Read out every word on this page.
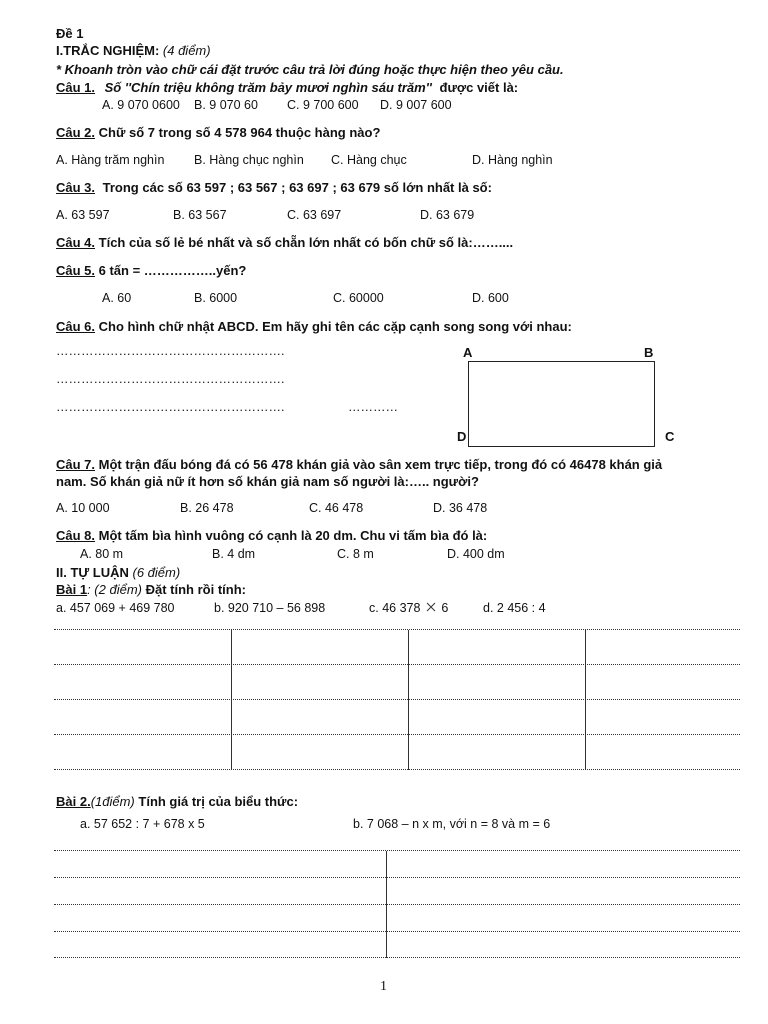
Đề 1
I.TRẮC NGHIỆM: (4 điểm)
* Khoanh tròn vào chữ cái đặt trước câu trả lời đúng hoặc thực hiện theo yêu cầu.
Câu 1. Số ''Chín triệu không trăm bảy mươi nghìn sáu trăm'' được viết là:
A. 9 070 0600 B. 9 070 60 C. 9 700 600 D. 9 007 600
Câu 2. Chữ số 7 trong số 4 578 964 thuộc hàng nào?
A. Hàng trăm nghìn B. Hàng chục nghìn C. Hàng chục	D. Hàng nghìn
Câu 3. Trong các số 63 597 ; 63 567 ; 63 697 ; 63 679 số lớn nhất là số:
A. 63 597	B. 63 567	C. 63 697	D. 63 679
Câu 4. Tích của số lẻ bé nhất và số chẵn lớn nhất có bốn chữ số là:……....
Câu 5. 6 tấn = ……………..yến?
A. 60	B. 6000	C. 60000	D. 600
Câu 6. Cho hình chữ nhật ABCD. Em hãy ghi tên các cặp cạnh song song với nhau:
……………………………………………….
……………………………………………….
……………………………………………….	…………
A	B
D	C
Câu 7. Một trận đấu bóng đá có 56 478 khán giả vào sân xem trực tiếp, trong đó có 46478 khán giả
nam. Số khán giả nữ ít hơn số khán giả nam số người là:….. người?
A. 10 000	B. 26 478	C. 46 478	D. 36 478
Câu 8. Một tấm bìa hình vuông có cạnh là 20 dm. Chu vi tấm bìa đó là:
A. 80 m	B. 4 dm	C. 8 m	D. 400 dm
II. TỰ LUẬN (6 điểm)
Bài 1: (2 điểm) Đặt tính rồi tính:
a. 457 069 + 469 780	b. 920 710 – 56 898	c. 46 378 6	d. 2 456 : 4
Bài 2.(1điểm) Tính giá trị của biểu thức:
a. 57 652 : 7 + 678 x 5	b. 7 068 – n x m, với n = 8 và m = 6
1
